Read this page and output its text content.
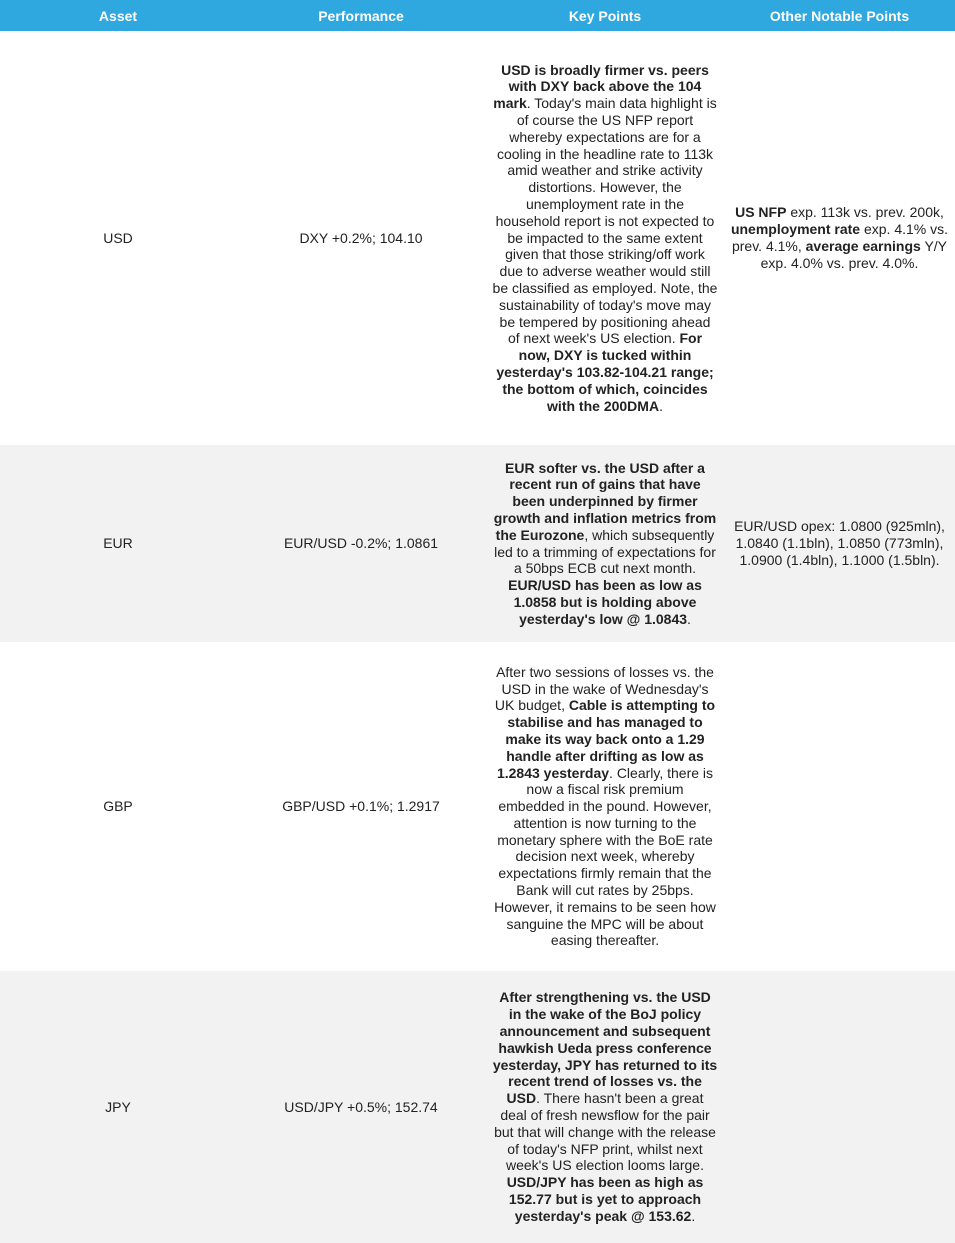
Asset	Performance	Key Points	Other Notable Points
USD	DXY +0.2%; 104.10	USD is broadly firmer vs. peers with DXY back above the 104 mark. Today's main data highlight is of course the US NFP report whereby expectations are for a cooling in the headline rate to 113k amid weather and strike activity distortions. However, the unemployment rate in the household report is not expected to be impacted to the same extent given that those striking/off work due to adverse weather would still be classified as employed. Note, the sustainability of today's move may be tempered by positioning ahead of next week's US election. For now, DXY is tucked within yesterday's 103.82-104.21 range; the bottom of which, coincides with the 200DMA.	US NFP exp. 113k vs. prev. 200k, unemployment rate exp. 4.1% vs. prev. 4.1%, average earnings Y/Y exp. 4.0% vs. prev. 4.0%.
EUR	EUR/USD -0.2%; 1.0861	EUR softer vs. the USD after a recent run of gains that have been underpinned by firmer growth and inflation metrics from the Eurozone, which subsequently led to a trimming of expectations for a 50bps ECB cut next month. EUR/USD has been as low as 1.0858 but is holding above yesterday's low @ 1.0843.	EUR/USD opex: 1.0800 (925mln), 1.0840 (1.1bln), 1.0850 (773mln), 1.0900 (1.4bln), 1.1000 (1.5bln).
GBP	GBP/USD +0.1%; 1.2917	After two sessions of losses vs. the USD in the wake of Wednesday's UK budget, Cable is attempting to stabilise and has managed to make its way back onto a 1.29 handle after drifting as low as 1.2843 yesterday. Clearly, there is now a fiscal risk premium embedded in the pound. However, attention is now turning to the monetary sphere with the BoE rate decision next week, whereby expectations firmly remain that the Bank will cut rates by 25bps. However, it remains to be seen how sanguine the MPC will be about easing thereafter.	
JPY	USD/JPY +0.5%; 152.74	After strengthening vs. the USD in the wake of the BoJ policy announcement and subsequent hawkish Ueda press conference yesterday, JPY has returned to its recent trend of losses vs. the USD. There hasn't been a great deal of fresh newsflow for the pair but that will change with the release of today's NFP print, whilst next week's US election looms large. USD/JPY has been as high as 152.77 but is yet to approach yesterday's peak @ 153.62.	
